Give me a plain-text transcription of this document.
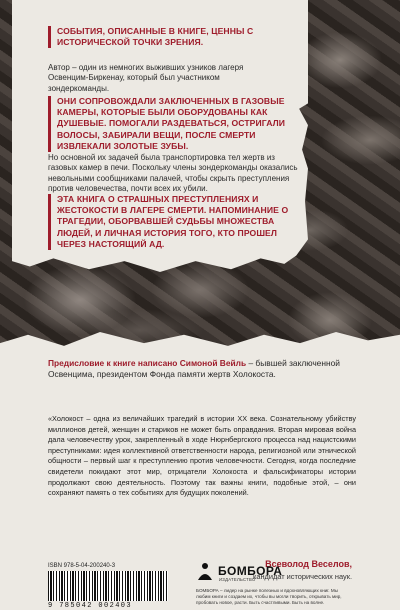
СОБЫТИЯ, ОПИСАННЫЕ В КНИГЕ, ЦЕННЫ С ИСТОРИЧЕСКОЙ ТОЧКИ ЗРЕНИЯ.

Автор – один из немногих выживших узников лагеря Освенцим-Биркенау, который был участником зондеркоманды.

ОНИ СОПРОВОЖДАЛИ ЗАКЛЮЧЕННЫХ В ГАЗОВЫЕ КАМЕРЫ, КОТОРЫЕ БЫЛИ ОБОРУДОВАНЫ КАК ДУШЕВЫЕ. ПОМОГАЛИ РАЗДЕВАТЬСЯ, ОСТРИГАЛИ ВОЛОСЫ, ЗАБИРАЛИ ВЕЩИ, ПОСЛЕ СМЕРТИ ИЗВЛЕКАЛИ ЗОЛОТЫЕ ЗУБЫ.

Но основной их задачей была транспортировка тел жертв из газовых камер в печи. Поскольку члены зондеркоманды оказались невольными сообщниками палачей, чтобы скрыть преступления против человечества, почти всех их убили.

ЭТА КНИГА О СТРАШНЫХ ПРЕСТУПЛЕНИЯХ И ЖЕСТОКОСТИ В ЛАГЕРЕ СМЕРТИ. НАПОМИНАНИЕ О ТРАГЕДИИ, ОБОРВАВШЕЙ СУДЬБЫ МНОЖЕСТВА ЛЮДЕЙ, И ЛИЧНАЯ ИСТОРИЯ ТОГО, КТО ПРОШЕЛ ЧЕРЕЗ НАСТОЯЩИЙ АД.

Предисловие к книге написано Симоной Вейль – бывшей заключенной Освенцима, президентом Фонда памяти жертв Холокоста.

«Холокост – одна из величайших трагедий в истории XX века. Сознательному убийству миллионов детей, женщин и стариков не может быть оправдания. Вторая мировая война дала человечеству урок, закрепленный в ходе Нюрнбергского процесса над нацистскими преступниками: идея коллективной ответственности народа, религиозной или этнической общности – первый шаг к преступлению против человечности. Сегодня, когда последние свидетели покидают этот мир, отрицатели Холокоста и фальсификаторы истории продолжают свою деятельность. Поэтому так важны книги, подобные этой, – они сохраняют память о тех событиях для будущих поколений.

Всеволод Веселов,

кандидат исторических наук.

ISBN 978-5-04-200240-3

9 785042 002403

БОМБОРА
ИЗДАТЕЛЬСТВО

БОМБОРА – лидер на рынке полезных и вдохновляющих книг. Мы любим книги и создаем их, чтобы вы могли творить, открывать мир, пробовать новое, расти. Быть счастливыми. Быть на волне.
